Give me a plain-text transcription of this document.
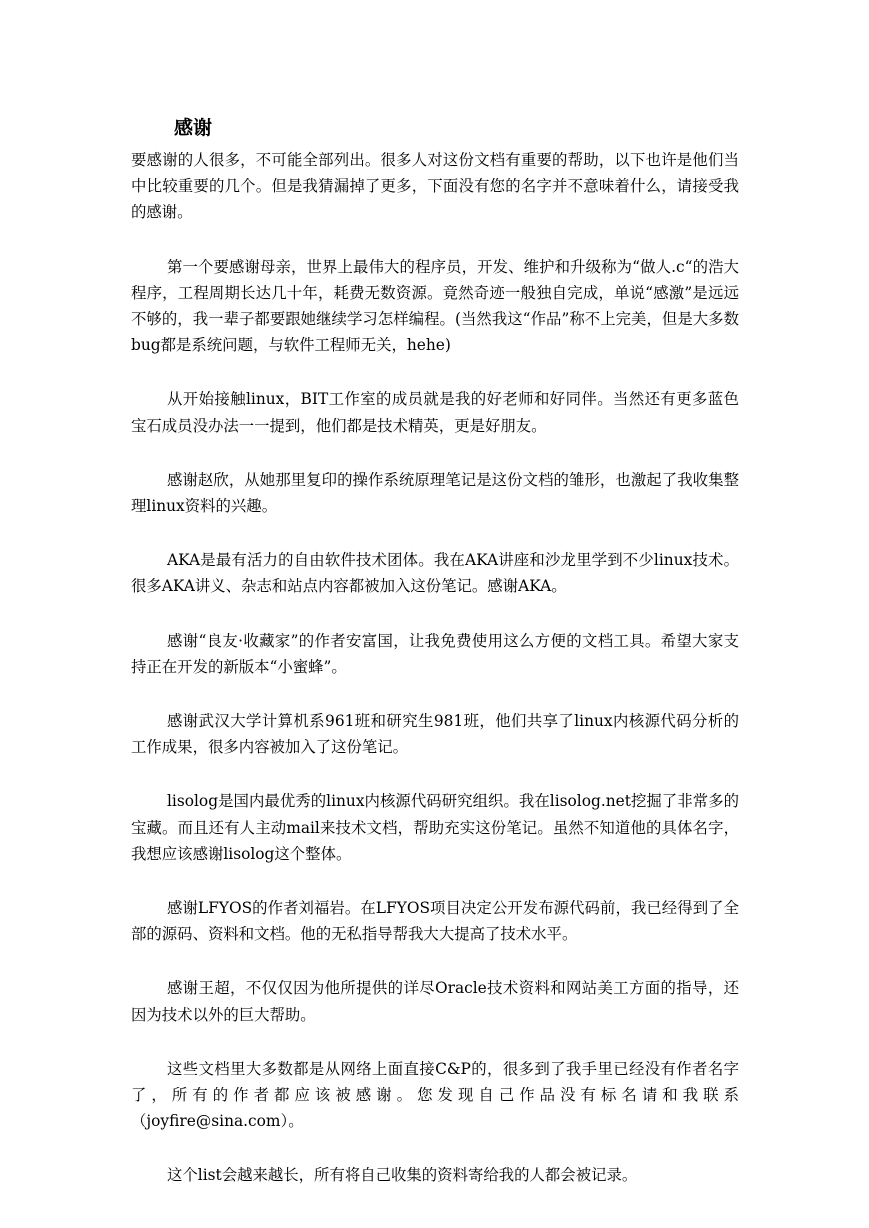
感谢

要感谢的人很多，不可能全部列出。很多人对这份文档有重要的帮助，以下也许是他们当中比较重要的几个。但是我猜漏掉了更多，下面没有您的名字并不意味着什么，请接受我的感谢。

第一个要感谢母亲，世界上最伟大的程序员，开发、维护和升级称为“做人.c“的浩大程序，工程周期长达几十年，耗费无数资源。竟然奇迹一般独自完成，单说“感激”是远远不够的，我一辈子都要跟她继续学习怎样编程。(当然我这“作品”称不上完美，但是大多数bug都是系统问题，与软件工程师无关，hehe)

从开始接触linux，BIT工作室的成员就是我的好老师和好同伴。当然还有更多蓝色宝石成员没办法一一提到，他们都是技术精英，更是好朋友。

感谢赵欣，从她那里复印的操作系统原理笔记是这份文档的雏形，也激起了我收集整理linux资料的兴趣。

AKA是最有活力的自由软件技术团体。我在AKA讲座和沙龙里学到不少linux技术。很多AKA讲义、杂志和站点内容都被加入这份笔记。感谢AKA。

感谢“良友·收藏家”的作者安富国，让我免费使用这么方便的文档工具。希望大家支持正在开发的新版本“小蜜蜂”。

感谢武汉大学计算机系961班和研究生981班，他们共享了linux内核源代码分析的工作成果，很多内容被加入了这份笔记。

lisolog是国内最优秀的linux内核源代码研究组织。我在lisolog.net挖掘了非常多的宝藏。而且还有人主动mail来技术文档，帮助充实这份笔记。虽然不知道他的具体名字，我想应该感谢lisolog这个整体。

感谢LFYOS的作者刘福岩。在LFYOS项目决定公开发布源代码前，我已经得到了全部的源码、资料和文档。他的无私指导帮我大大提高了技术水平。

感谢王超，不仅仅因为他所提供的详尽Oracle技术资料和网站美工方面的指导，还因为技术以外的巨大帮助。

这些文档里大多数都是从网络上面直接C&P的，很多到了我手里已经没有作者名字了，所有的作者都应该被感谢。您发现自己作品没有标名请和我联系（joyfire@sina.com）。

这个list会越来越长，所有将自己收集的资料寄给我的人都会被记录。
